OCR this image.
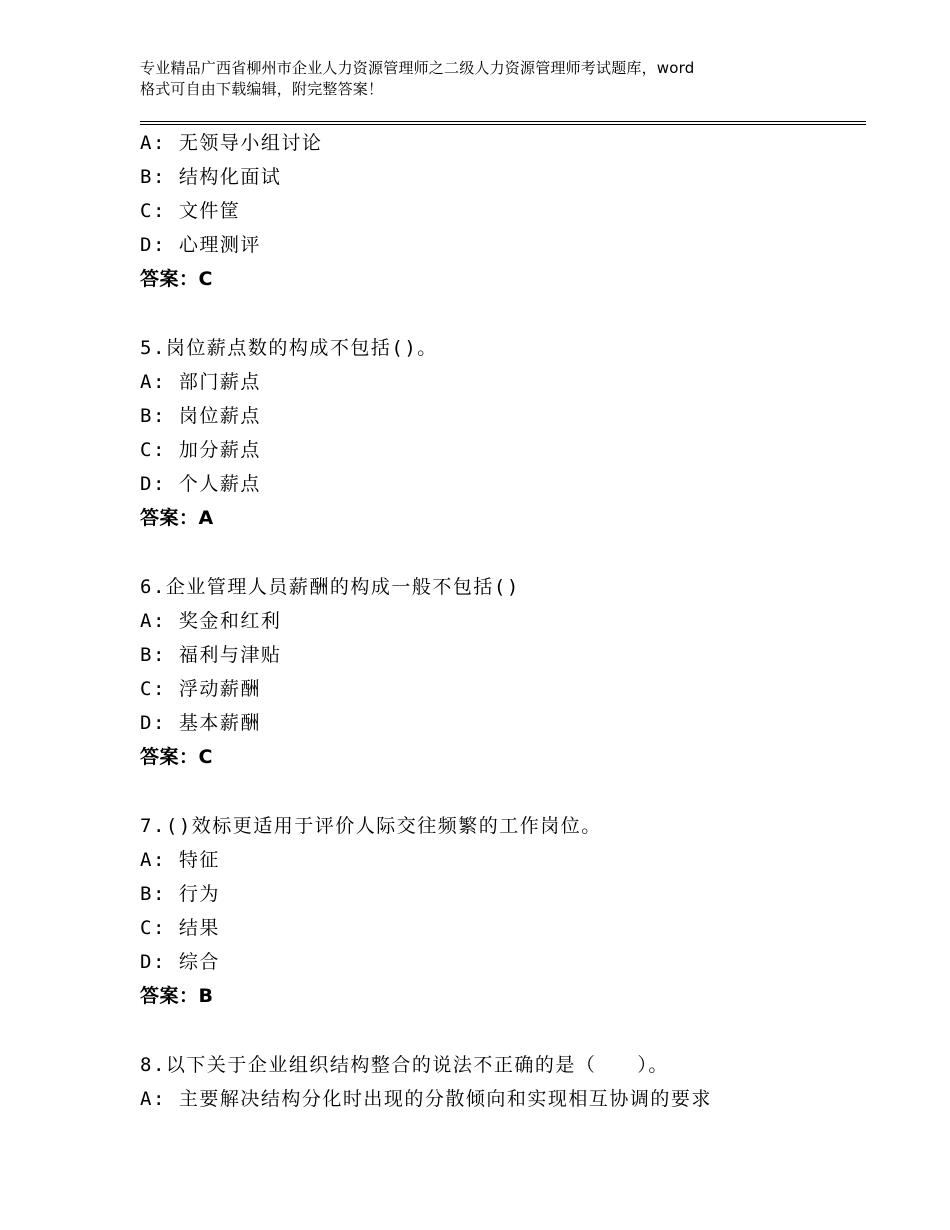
专业精品广西省柳州市企业人力资源管理师之二级人力资源管理师考试题库，word
格式可自由下载编辑，附完整答案！
A: 无领导小组讨论
B: 结构化面试
C: 文件筐
D: 心理测评
答案：C
5.岗位薪点数的构成不包括()。
A: 部门薪点
B: 岗位薪点
C: 加分薪点
D: 个人薪点
答案：A
6.企业管理人员薪酬的构成一般不包括()
A: 奖金和红利
B: 福利与津贴
C: 浮动薪酬
D: 基本薪酬
答案：C
7.()效标更适用于评价人际交往频繁的工作岗位。
A: 特征
B: 行为
C: 结果
D: 综合
答案：B
8.以下关于企业组织结构整合的说法不正确的是（　　）。
A: 主要解决结构分化时出现的分散倾向和实现相互协调的要求
